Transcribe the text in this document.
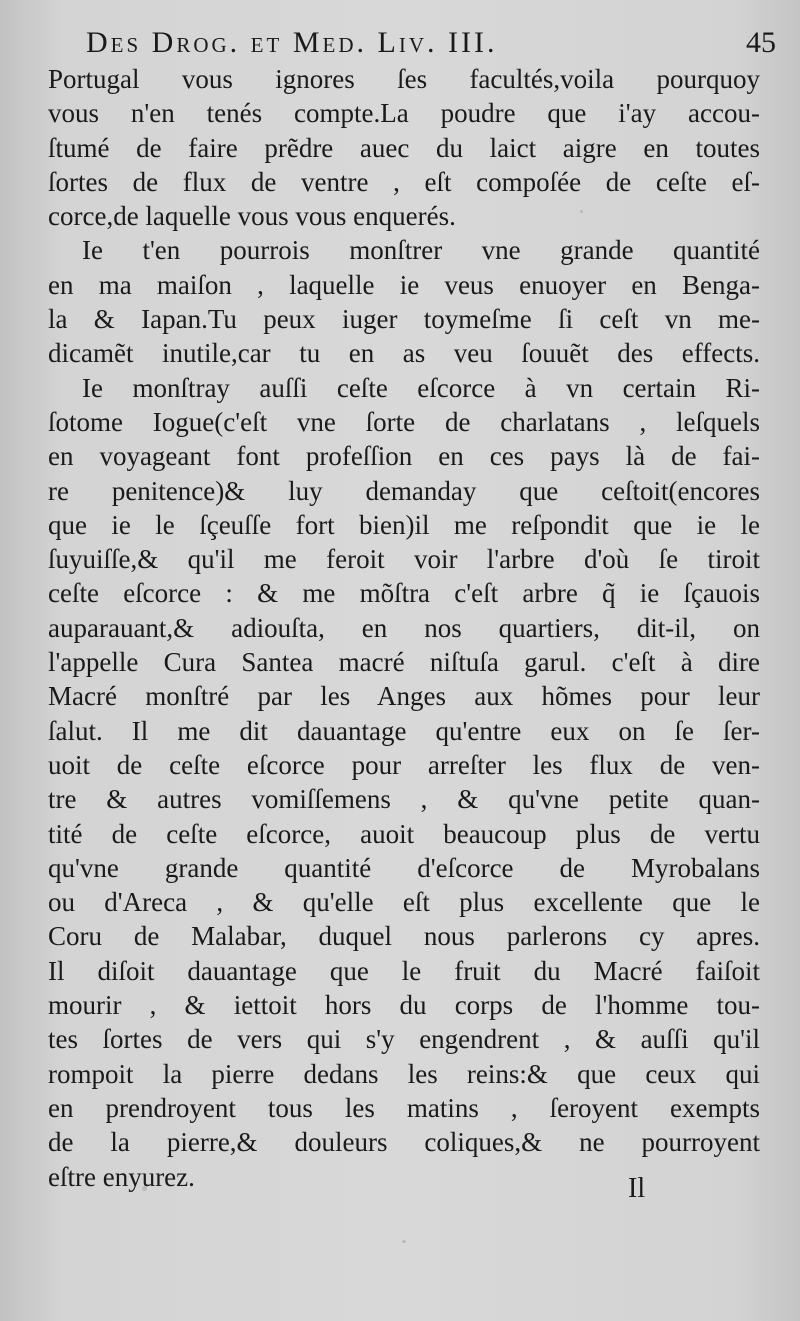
Des Drog. et Med. Liv. III.	45
Portugal vous ignores ſes facultés,voila pourquoy
vous n'en tenés compte.La poudre que i'ay accou-
ſtumé de faire prẽdre auec du laict aigre en toutes
ſortes de flux de ventre , eſt compoſée de ceſte eſ-
corce,de laquelle vous vous enquerés.
Ie t'en pourrois monſtrer vne grande quantité
en ma maiſon , laquelle ie veus enuoyer en Benga-
la & Iapan.Tu peux iuger toymeſme ſi ceſt vn me-
dicamẽt inutile,car tu en as veu ſouuẽt des effects.
Ie monſtray auſſi ceſte eſcorce à vn certain Ri-
ſotome Iogue(c'eſt vne ſorte de charlatans , leſquels
en voyageant font profeſſion en ces pays là de fai-
re penitence)& luy demanday que ceſtoit(encores
que ie le ſçeuſſe fort bien)il me reſpondit que ie le
ſuyuiſſe,& qu'il me feroit voir l'arbre d'où ſe tiroit
ceſte eſcorce : & me mõſtra c'eſt arbre q̃ ie ſçauois
auparauant,& adiouſta, en nos quartiers, dit-il, on
l'appelle Cura Santea macré niſtuſa garul. c'eſt à dire
Macré monſtré par les Anges aux hõmes pour leur
ſalut. Il me dit dauantage qu'entre eux on ſe ſer-
uoit de ceſte eſcorce pour arreſter les flux de ven-
tre & autres vomiſſemens , & qu'vne petite quan-
tité de ceſte eſcorce, auoit beaucoup plus de vertu
qu'vne grande quantité d'eſcorce de Myrobalans
ou d'Areca , & qu'elle eſt plus excellente que le
Coru de Malabar, duquel nous parlerons cy apres.
Il diſoit dauantage que le fruit du Macré faiſoit
mourir , & iettoit hors du corps de l'homme tou-
tes ſortes de vers qui s'y engendrent , & auſſi qu'il
rompoit la pierre dedans les reins:& que ceux qui
en prendroyent tous les matins , ſeroyent exempts
de la pierre,& douleurs coliques,& ne pourroyent
eſtre enyurez.	Il
